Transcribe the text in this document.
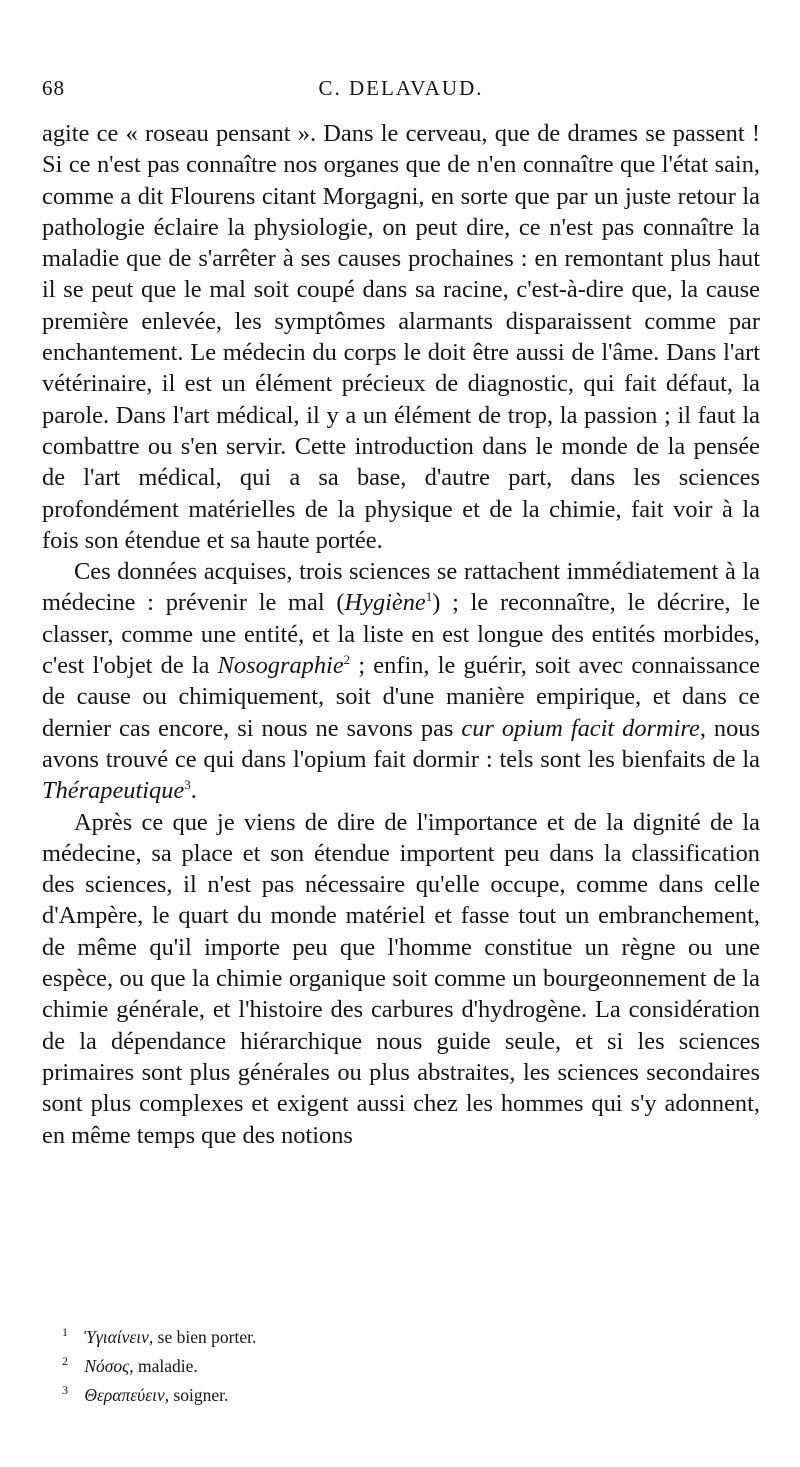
68	C. DELAVAUD.

agite ce « roseau pensant ». Dans le cerveau, que de drames se passent ! Si ce n'est pas connaître nos organes que de n'en connaître que l'état sain, comme a dit Flourens citant Morgagni, en sorte que par un juste retour la pathologie éclaire la physiologie, on peut dire, ce n'est pas connaître la maladie que de s'arrêter à ses causes prochaines : en remontant plus haut il se peut que le mal soit coupé dans sa racine, c'est-à-dire que, la cause première enlevée, les symptômes alarmants disparaissent comme par enchantement. Le médecin du corps le doit être aussi de l'âme. Dans l'art vétérinaire, il est un élément précieux de diagnostic, qui fait défaut, la parole. Dans l'art médical, il y a un élément de trop, la passion ; il faut la combattre ou s'en servir. Cette introduction dans le monde de la pensée de l'art médical, qui a sa base, d'autre part, dans les sciences profondément matérielles de la physique et de la chimie, fait voir à la fois son étendue et sa haute portée.

Ces données acquises, trois sciences se rattachent immédiatement à la médecine : prévenir le mal (Hygiène$^1$) ; le reconnaître, le décrire, le classer, comme une entité, et la liste en est longue des entités morbides, c'est l'objet de la Nosographie$^2$ ; enfin, le guérir, soit avec connaissance de cause ou chimiquement, soit d'une manière empirique, et dans ce dernier cas encore, si nous ne savons pas cur opium facit dormire, nous avons trouvé ce qui dans l'opium fait dormir : tels sont les bienfaits de la Thérapeutique$^3$.

Après ce que je viens de dire de l'importance et de la dignité de la médecine, sa place et son étendue importent peu dans la classification des sciences, il n'est pas nécessaire qu'elle occupe, comme dans celle d'Ampère, le quart du monde matériel et fasse tout un embranchement, de même qu'il importe peu que l'homme constitue un règne ou une espèce, ou que la chimie organique soit comme un bourgeonnement de la chimie générale, et l'histoire des carbures d'hydrogène. La considération de la dépendance hiérarchique nous guide seule, et si les sciences primaires sont plus générales ou plus abstraites, les sciences secondaires sont plus complexes et exigent aussi chez les hommes qui s'y adonnent, en même temps que des notions

1 Ὑγιαίνειν, se bien porter.

2 Νόσος, maladie.

3 Θεραπεύειν, soigner.
